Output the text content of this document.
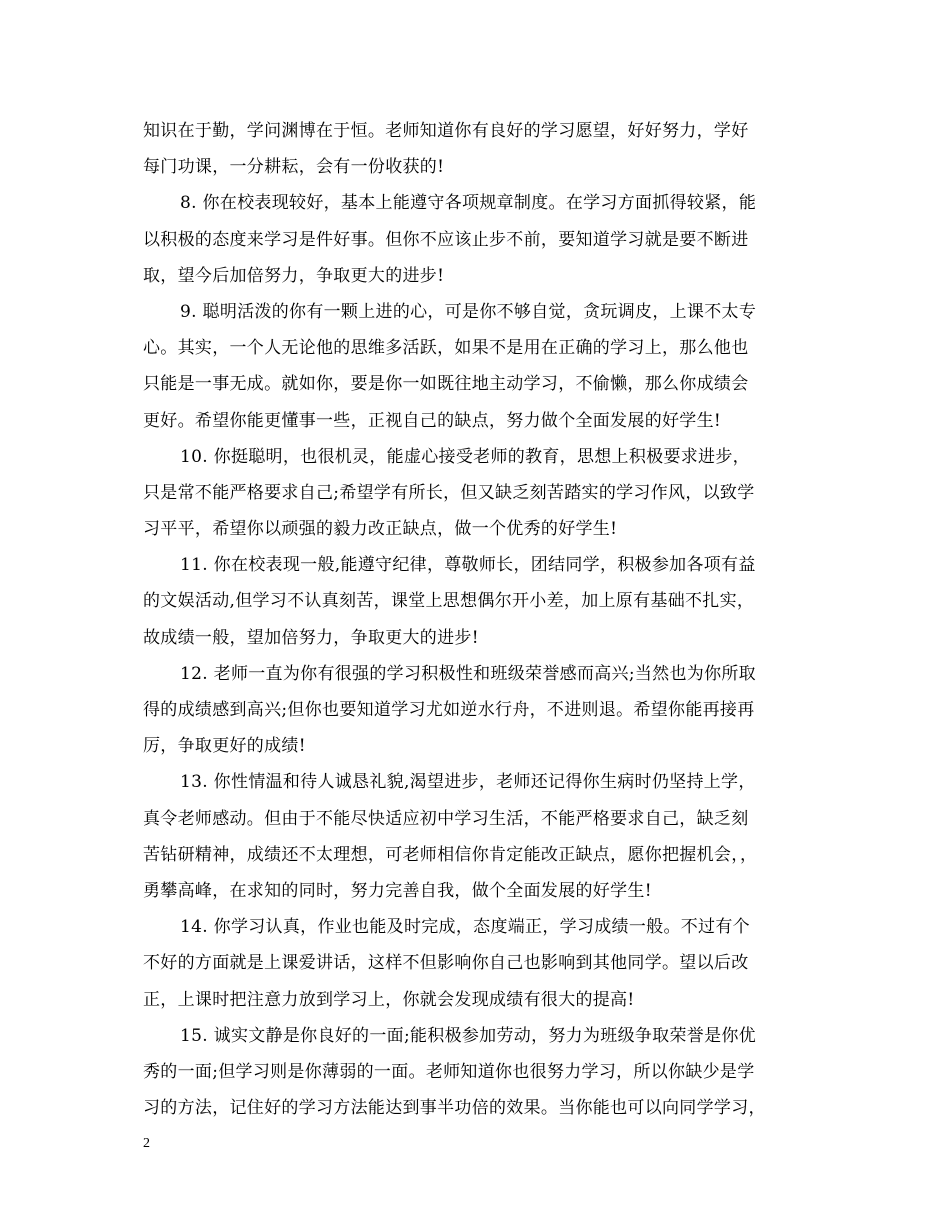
知识在于勤，学问渊博在于恒。老师知道你有良好的学习愿望，好好努力，学好
每门功课，一分耕耘，会有一份收获的!
8. 你在校表现较好，基本上能遵守各项规章制度。在学习方面抓得较紧，能
以积极的态度来学习是件好事。但你不应该止步不前，要知道学习就是要不断进
取，望今后加倍努力，争取更大的进步!
9. 聪明活泼的你有一颗上进的心，可是你不够自觉，贪玩调皮，上课不太专
心。其实，一个人无论他的思维多活跃，如果不是用在正确的学习上，那么他也
只能是一事无成。就如你，要是你一如既往地主动学习，不偷懒，那么你成绩会
更好。希望你能更懂事一些，正视自己的缺点，努力做个全面发展的好学生!
10. 你挺聪明，也很机灵，能虚心接受老师的教育，思想上积极要求进步，
只是常不能严格要求自己;希望学有所长，但又缺乏刻苦踏实的学习作风，以致学
习平平，希望你以顽强的毅力改正缺点，做一个优秀的好学生!
11. 你在校表现一般,能遵守纪律，尊敬师长，团结同学，积极参加各项有益
的文娱活动,但学习不认真刻苦，课堂上思想偶尔开小差，加上原有基础不扎实，
故成绩一般，望加倍努力，争取更大的进步!
12. 老师一直为你有很强的学习积极性和班级荣誉感而高兴;当然也为你所取
得的成绩感到高兴;但你也要知道学习尤如逆水行舟，不进则退。希望你能再接再
厉，争取更好的成绩!
13. 你性情温和待人诚恳礼貌,渴望进步，老师还记得你生病时仍坚持上学，
真令老师感动。但由于不能尽快适应初中学习生活，不能严格要求自己，缺乏刻
苦钻研精神，成绩还不太理想，可老师相信你肯定能改正缺点，愿你把握机会，，
勇攀高峰，在求知的同时，努力完善自我，做个全面发展的好学生!
14. 你学习认真，作业也能及时完成，态度端正，学习成绩一般。不过有个
不好的方面就是上课爱讲话，这样不但影响你自己也影响到其他同学。望以后改
正，上课时把注意力放到学习上，你就会发现成绩有很大的提高!
15. 诚实文静是你良好的一面;能积极参加劳动，努力为班级争取荣誉是你优
秀的一面;但学习则是你薄弱的一面。老师知道你也很努力学习，所以你缺少是学
习的方法，记住好的学习方法能达到事半功倍的效果。当你能也可以向同学学习，
2
